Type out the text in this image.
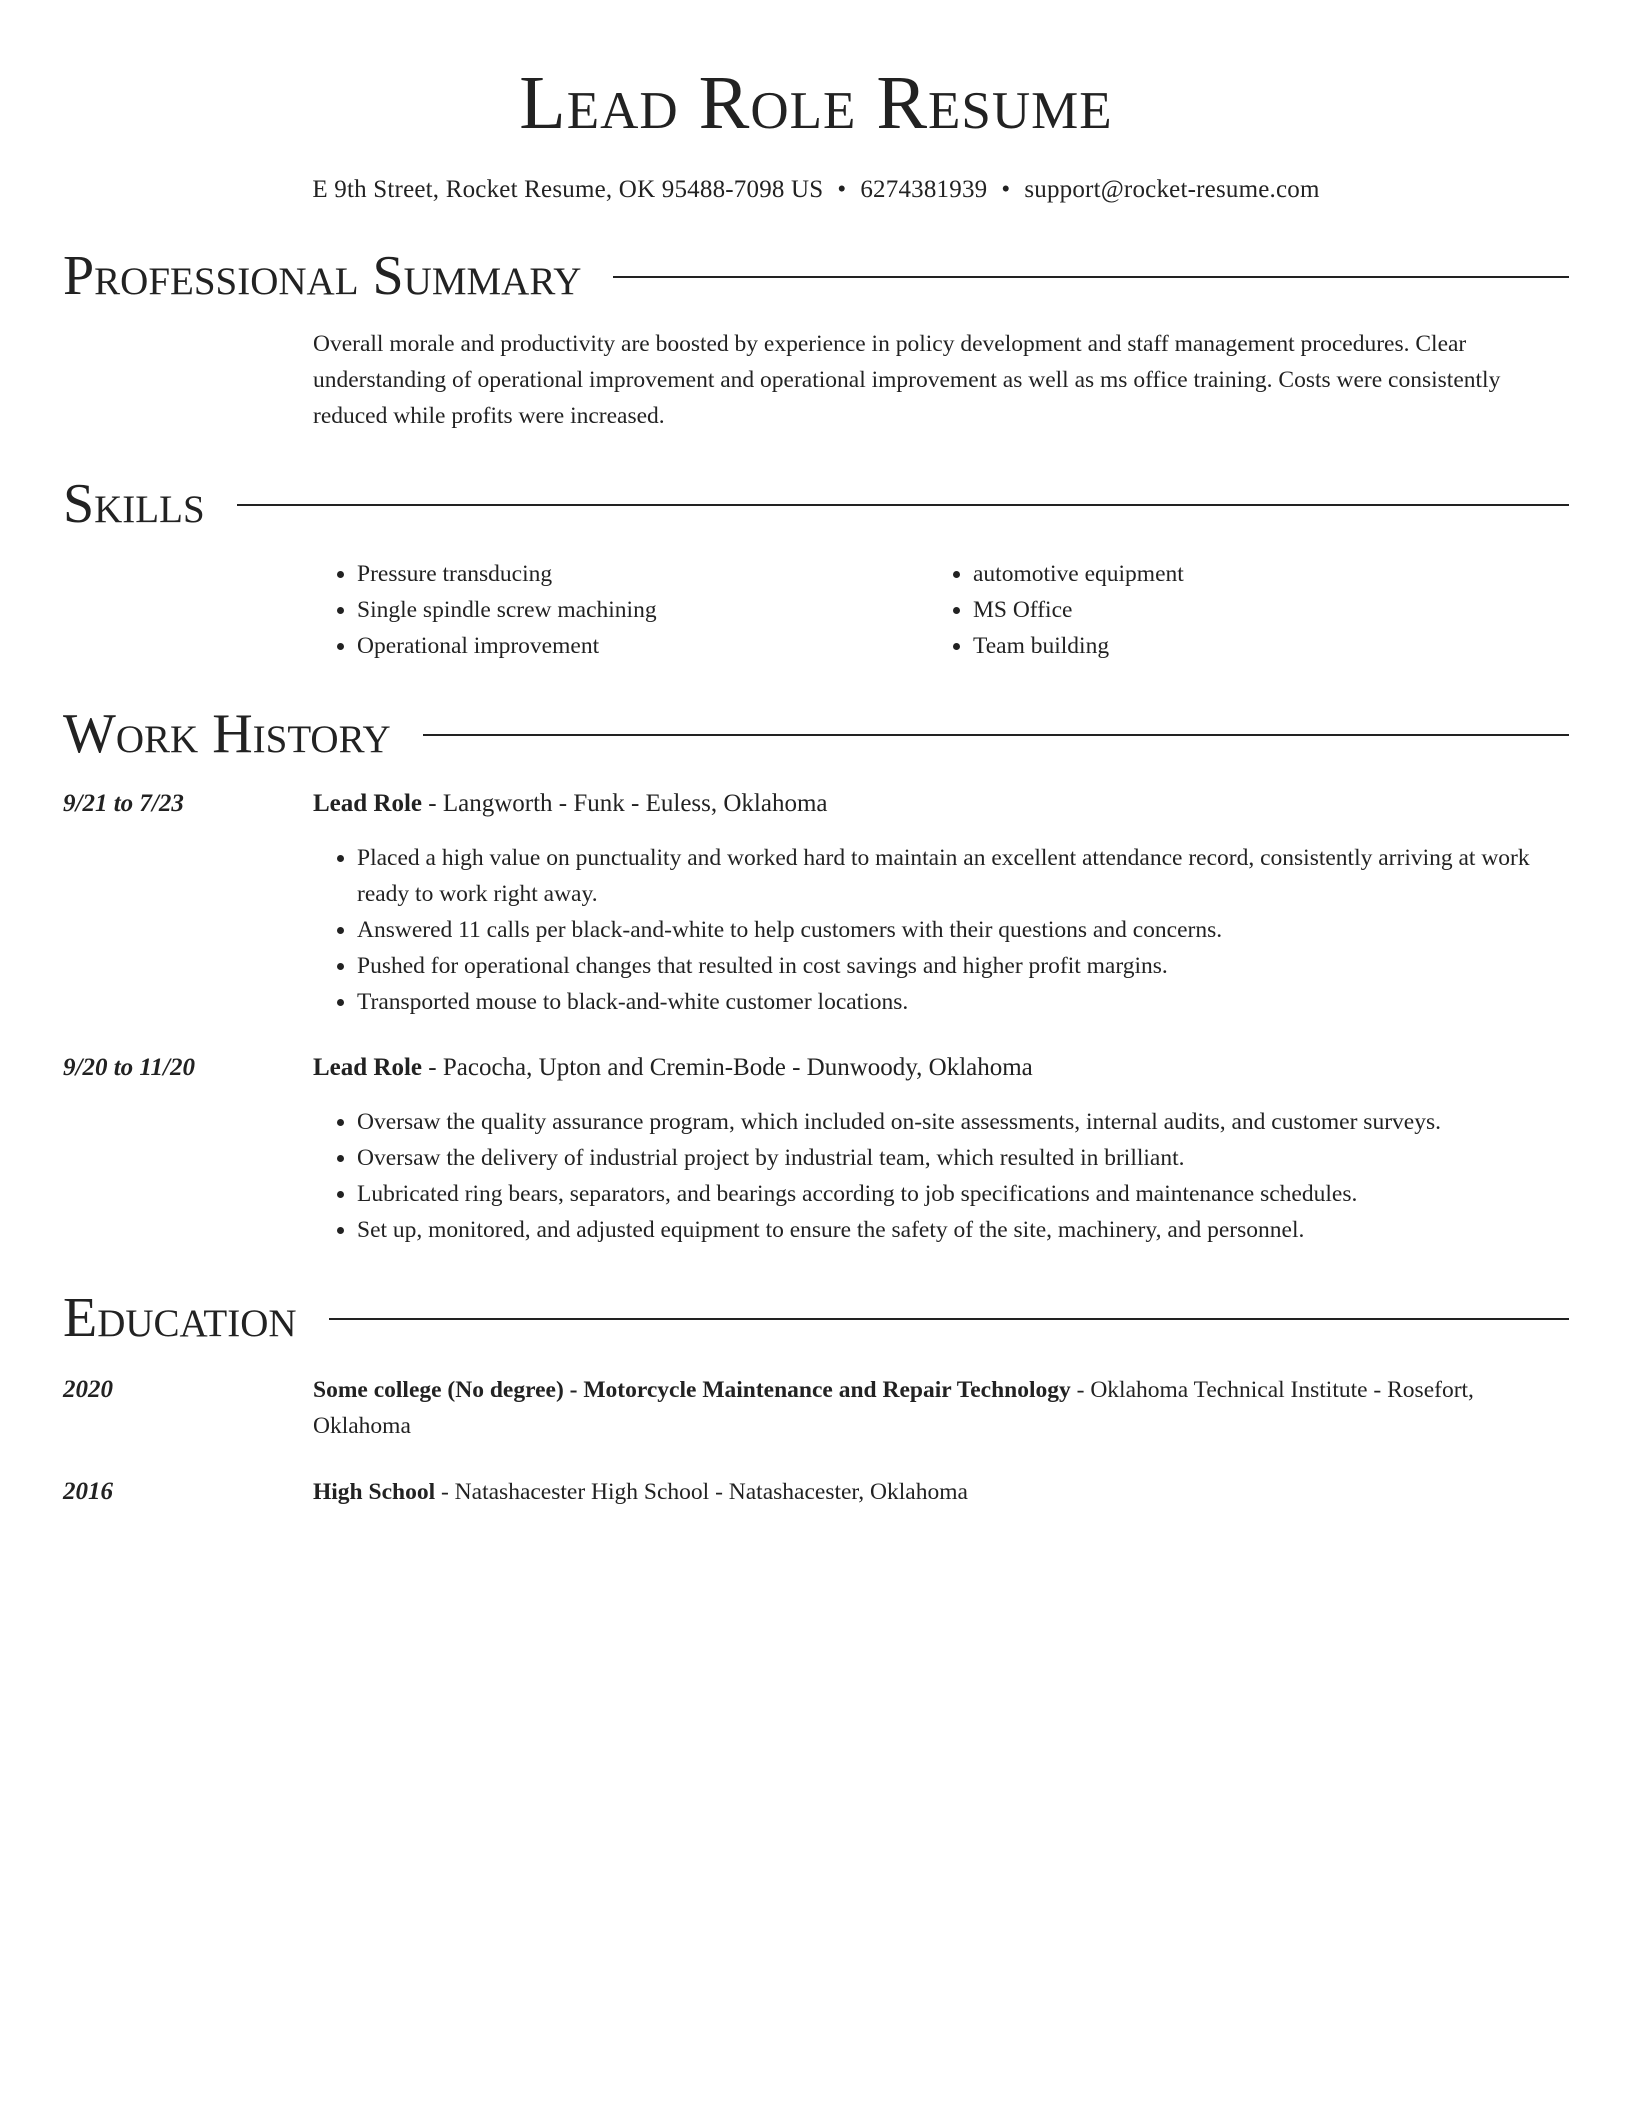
Lead Role Resume
E 9th Street, Rocket Resume, OK 95488-7098 US • 6274381939 • support@rocket-resume.com
Professional Summary
Overall morale and productivity are boosted by experience in policy development and staff management procedures. Clear understanding of operational improvement and operational improvement as well as ms office training. Costs were consistently reduced while profits were increased.
Skills
• Pressure transducing
• Single spindle screw machining
• Operational improvement
• automotive equipment
• MS Office
• Team building
Work History
9/21 to 7/23	Lead Role - Langworth - Funk - Euless, Oklahoma
• Placed a high value on punctuality and worked hard to maintain an excellent attendance record, consistently arriving at work ready to work right away.
• Answered 11 calls per black-and-white to help customers with their questions and concerns.
• Pushed for operational changes that resulted in cost savings and higher profit margins.
• Transported mouse to black-and-white customer locations.
9/20 to 11/20	Lead Role - Pacocha, Upton and Cremin-Bode - Dunwoody, Oklahoma
• Oversaw the quality assurance program, which included on-site assessments, internal audits, and customer surveys.
• Oversaw the delivery of industrial project by industrial team, which resulted in brilliant.
• Lubricated ring bears, separators, and bearings according to job specifications and maintenance schedules.
• Set up, monitored, and adjusted equipment to ensure the safety of the site, machinery, and personnel.
Education
2020	Some college (No degree) - Motorcycle Maintenance and Repair Technology - Oklahoma Technical Institute - Rosefort, Oklahoma
2016	High School - Natashacester High School - Natashacester, Oklahoma
